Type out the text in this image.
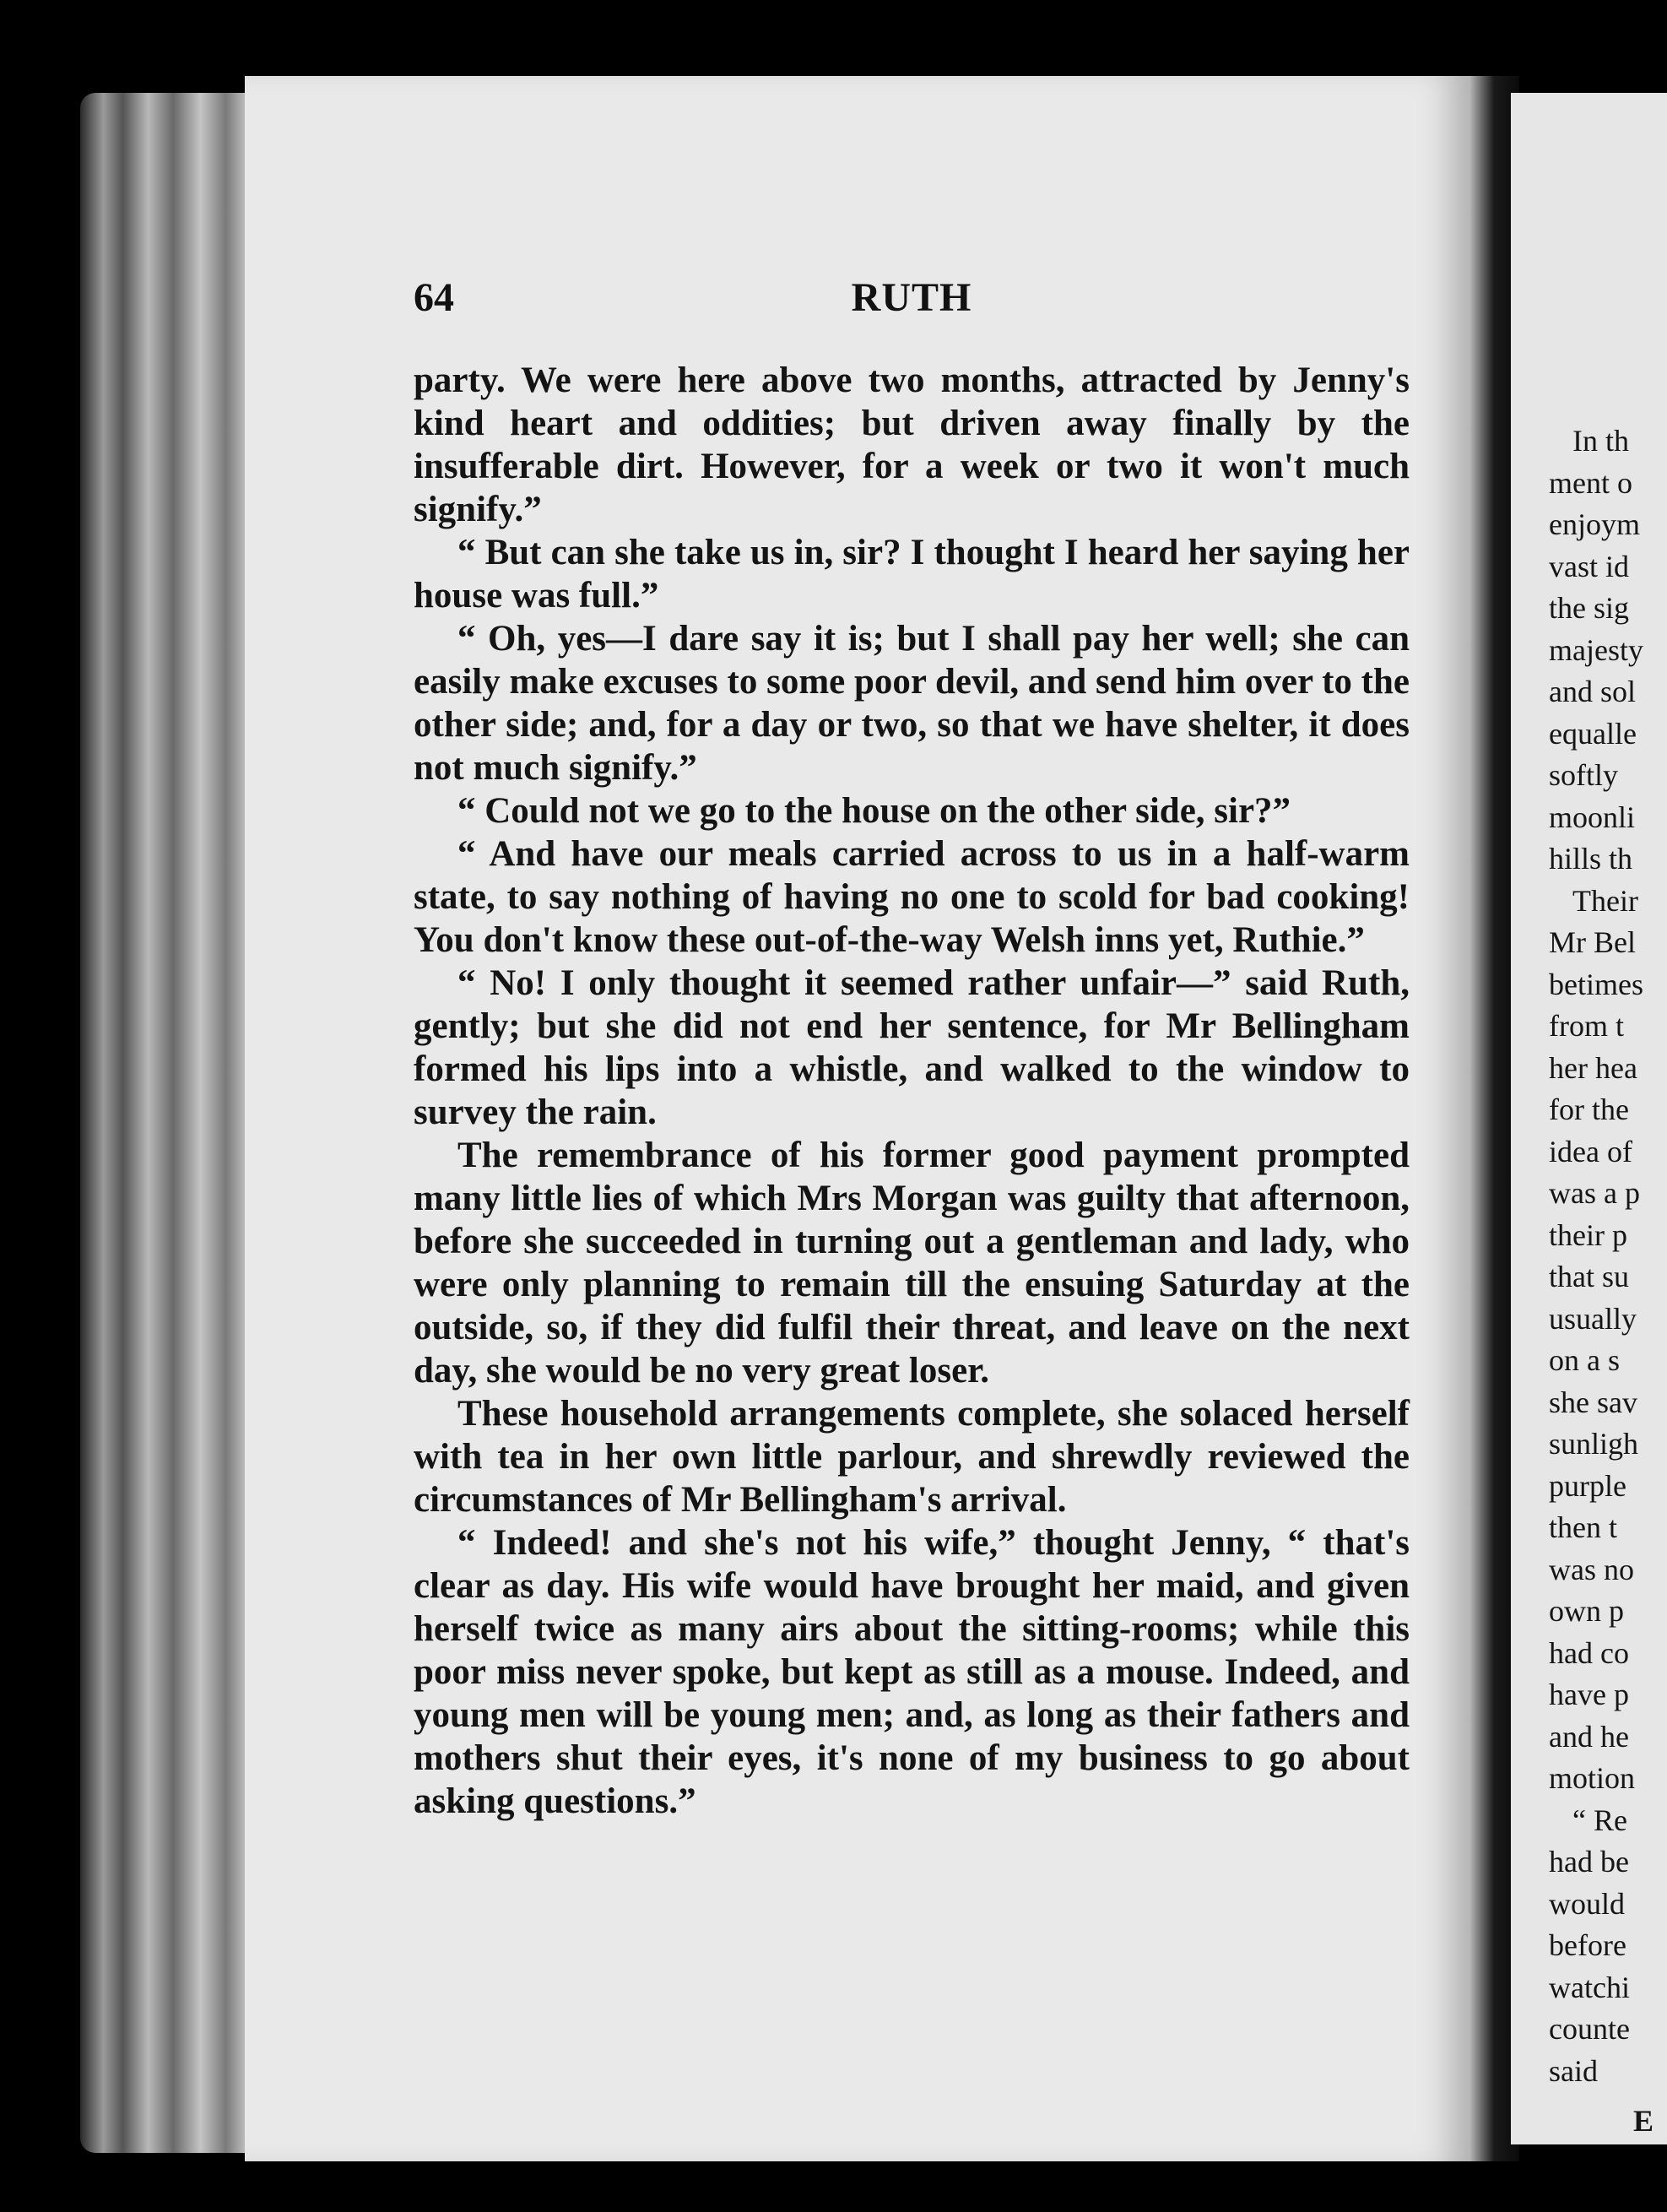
64	RUTH

party. We were here above two months, attracted by Jenny's kind heart and oddities; but driven away finally by the insufferable dirt. However, for a week or two it won't much signify.”

“ But can she take us in, sir? I thought I heard her saying her house was full.”

“ Oh, yes—I dare say it is; but I shall pay her well; she can easily make excuses to some poor devil, and send him over to the other side; and, for a day or two, so that we have shelter, it does not much signify.”

“ Could not we go to the house on the other side, sir?”

“ And have our meals carried across to us in a half-warm state, to say nothing of having no one to scold for bad cooking! You don't know these out-of-the-way Welsh inns yet, Ruthie.”

“ No! I only thought it seemed rather unfair—” said Ruth, gently; but she did not end her sentence, for Mr Bellingham formed his lips into a whistle, and walked to the window to survey the rain.

The remembrance of his former good payment prompted many little lies of which Mrs Morgan was guilty that afternoon, before she succeeded in turning out a gentleman and lady, who were only planning to remain till the ensuing Saturday at the outside, so, if they did fulfil their threat, and leave on the next day, she would be no very great loser.

These household arrangements complete, she solaced herself with tea in her own little parlour, and shrewdly reviewed the circumstances of Mr Bellingham's arrival.

“ Indeed! and she's not his wife,” thought Jenny, “ that's clear as day. His wife would have brought her maid, and given herself twice as many airs about the sitting-rooms; while this poor miss never spoke, but kept as still as a mouse. Indeed, and young men will be young men; and, as long as their fathers and mothers shut their eyes, it's none of my business to go about asking questions.”

In th
ment o
enjoym
vast id
the sig
majesty
and sol
equalle
softly
moonli
hills th
Their
Mr Bel
betimes
from t
her hea
for the
idea of
was a p
their p
that su
usually
on a s
she sav
sunligh
purple
then t
was no
own p
had co
have p
and he
motion
“ Re
had be
would
before
watchi
counte
said
E
